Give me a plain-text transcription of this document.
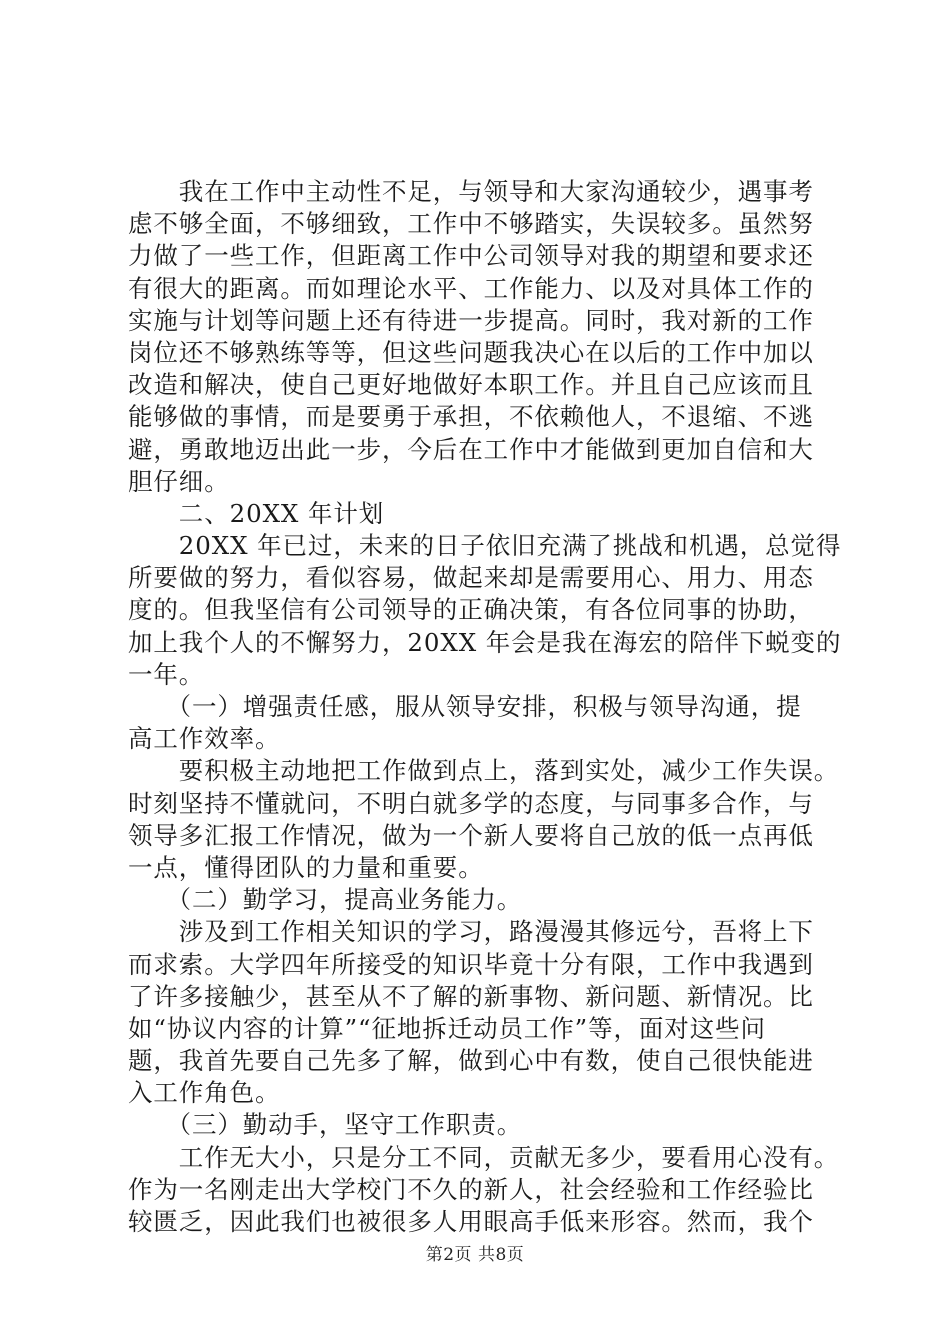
　　我在工作中主动性不足，与领导和大家沟通较少，遇事考
虑不够全面，不够细致，工作中不够踏实，失误较多。虽然努
力做了一些工作，但距离工作中公司领导对我的期望和要求还
有很大的距离。而如理论水平、工作能力、以及对具体工作的
实施与计划等问题上还有待进一步提高。同时，我对新的工作
岗位还不够熟练等等，但这些问题我决心在以后的工作中加以
改造和解决，使自己更好地做好本职工作。并且自己应该而且
能够做的事情，而是要勇于承担，不依赖他人，不退缩、不逃
避，勇敢地迈出此一步，今后在工作中才能做到更加自信和大
胆仔细。
　　二、20XX 年计划
　　20XX 年已过，未来的日子依旧充满了挑战和机遇，总觉得
所要做的努力，看似容易，做起来却是需要用心、用力、用态
度的。但我坚信有公司领导的正确决策，有各位同事的协助，
加上我个人的不懈努力，20XX 年会是我在海宏的陪伴下蜕变的
一年。
　　（一）增强责任感，服从领导安排，积极与领导沟通，提
高工作效率。
　　要积极主动地把工作做到点上，落到实处，减少工作失误。
时刻坚持不懂就问，不明白就多学的态度，与同事多合作，与
领导多汇报工作情况，做为一个新人要将自己放的低一点再低
一点，懂得团队的力量和重要。
　　（二）勤学习，提高业务能力。
　　涉及到工作相关知识的学习，路漫漫其修远兮，吾将上下
而求索。大学四年所接受的知识毕竟十分有限，工作中我遇到
了许多接触少，甚至从不了解的新事物、新问题、新情况。比
如“协议内容的计算”“征地拆迁动员工作”等，面对这些问
题，我首先要自己先多了解，做到心中有数，使自己很快能进
入工作角色。
　　（三）勤动手，坚守工作职责。
　　工作无大小，只是分工不同，贡献无多少，要看用心没有。
作为一名刚走出大学校门不久的新人，社会经验和工作经验比
较匮乏，因此我们也被很多人用眼高手低来形容。然而，我个
第2页 共8页
